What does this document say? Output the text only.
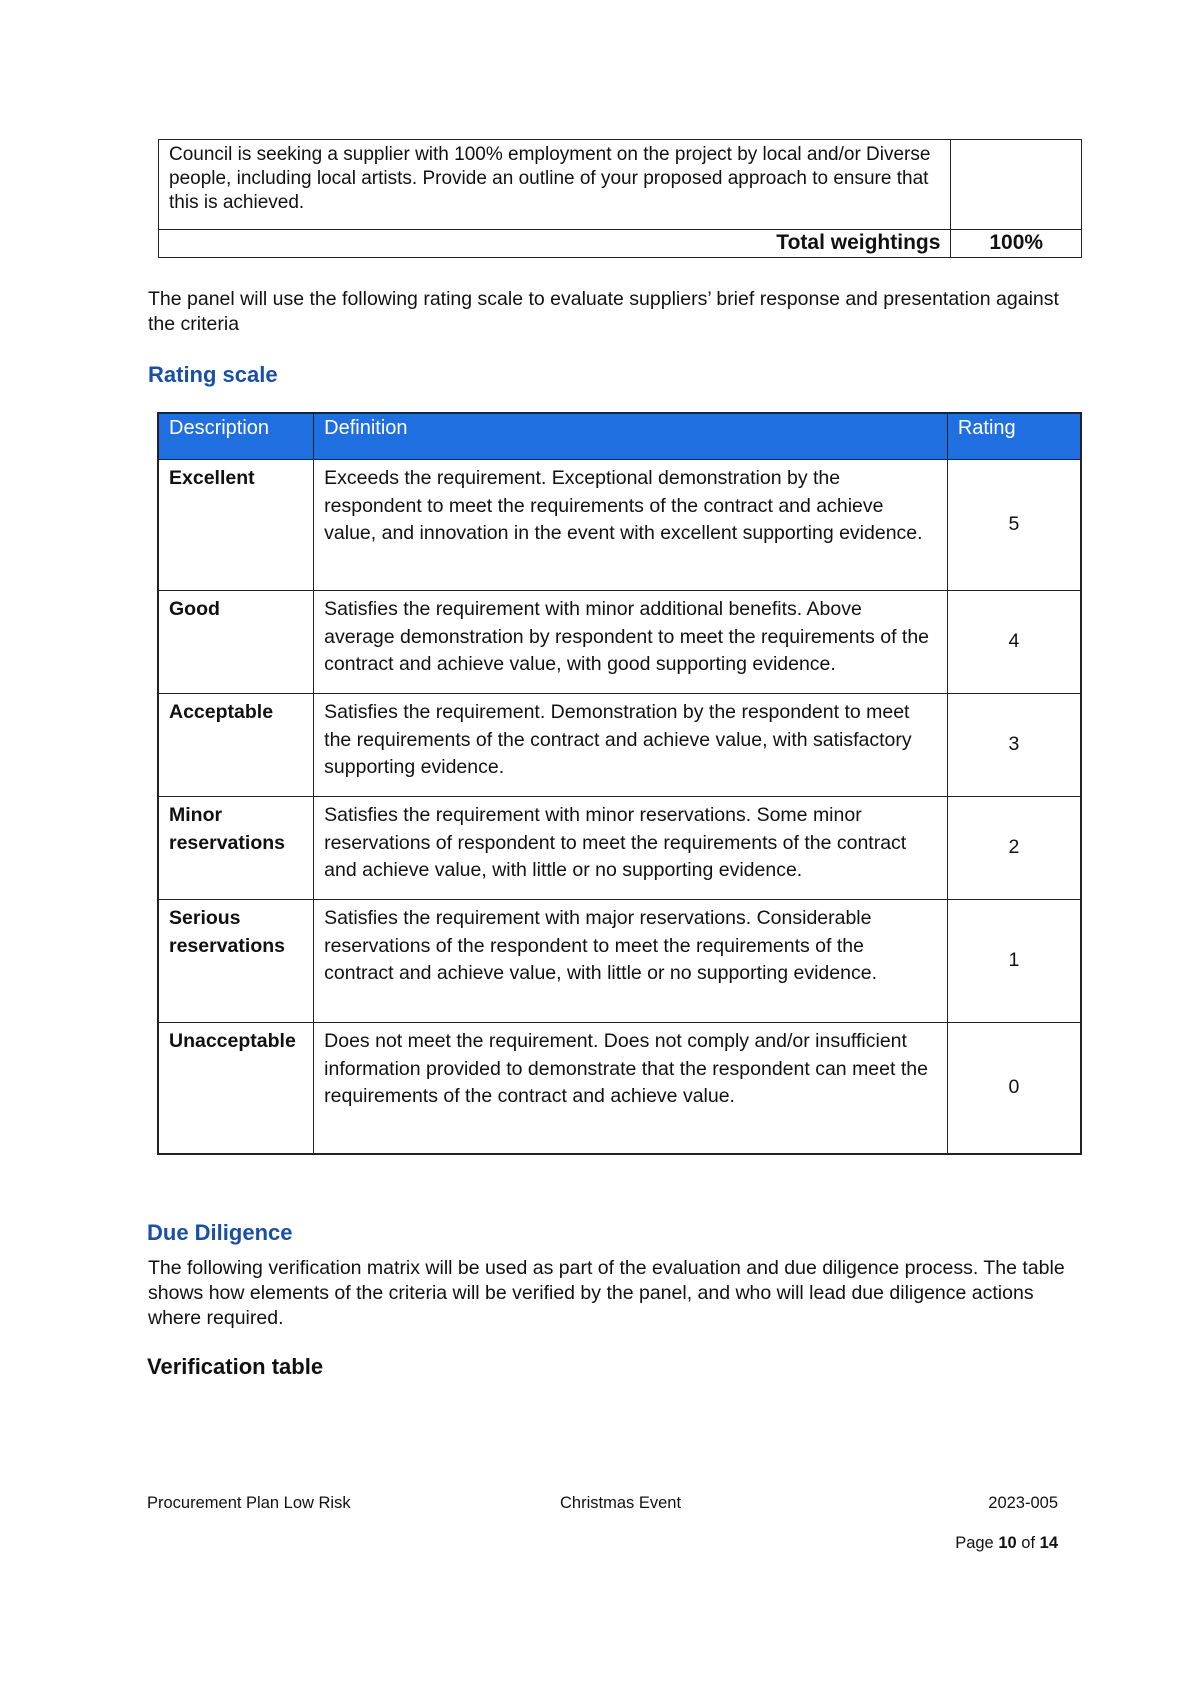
Council is seeking a supplier with 100% employment on the project by local and/or Diverse people, including local artists. Provide an outline of your proposed approach to ensure that this is achieved.	
Total weightings	100%

The panel will use the following rating scale to evaluate suppliers’ brief response and presentation against the criteria

Rating scale
Description	Definition	Rating
Excellent	Exceeds the requirement. Exceptional demonstration by the respondent to meet the requirements of the contract and achieve value, and innovation in the event with excellent supporting evidence.	5
Good	Satisfies the requirement with minor additional benefits. Above average demonstration by respondent to meet the requirements of the contract and achieve value, with good supporting evidence.	4
Acceptable	Satisfies the requirement. Demonstration by the respondent to meet the requirements of the contract and achieve value, with satisfactory supporting evidence.	3
Minor reservations	Satisfies the requirement with minor reservations. Some minor reservations of respondent to meet the requirements of the contract and achieve value, with little or no supporting evidence.	2
Serious reservations	Satisfies the requirement with major reservations. Considerable reservations of the respondent to meet the requirements of the contract and achieve value, with little or no supporting evidence.	1
Unacceptable	Does not meet the requirement. Does not comply and/or insufficient information provided to demonstrate that the respondent can meet the requirements of the contract and achieve value.	0
Due Diligence

The following verification matrix will be used as part of the evaluation and due diligence process. The table shows how elements of the criteria will be verified by the panel, and who will lead due diligence actions where required.

Verification table

Procurement Plan Low Risk	Christmas Event	2023-005

Page 10 of 14
